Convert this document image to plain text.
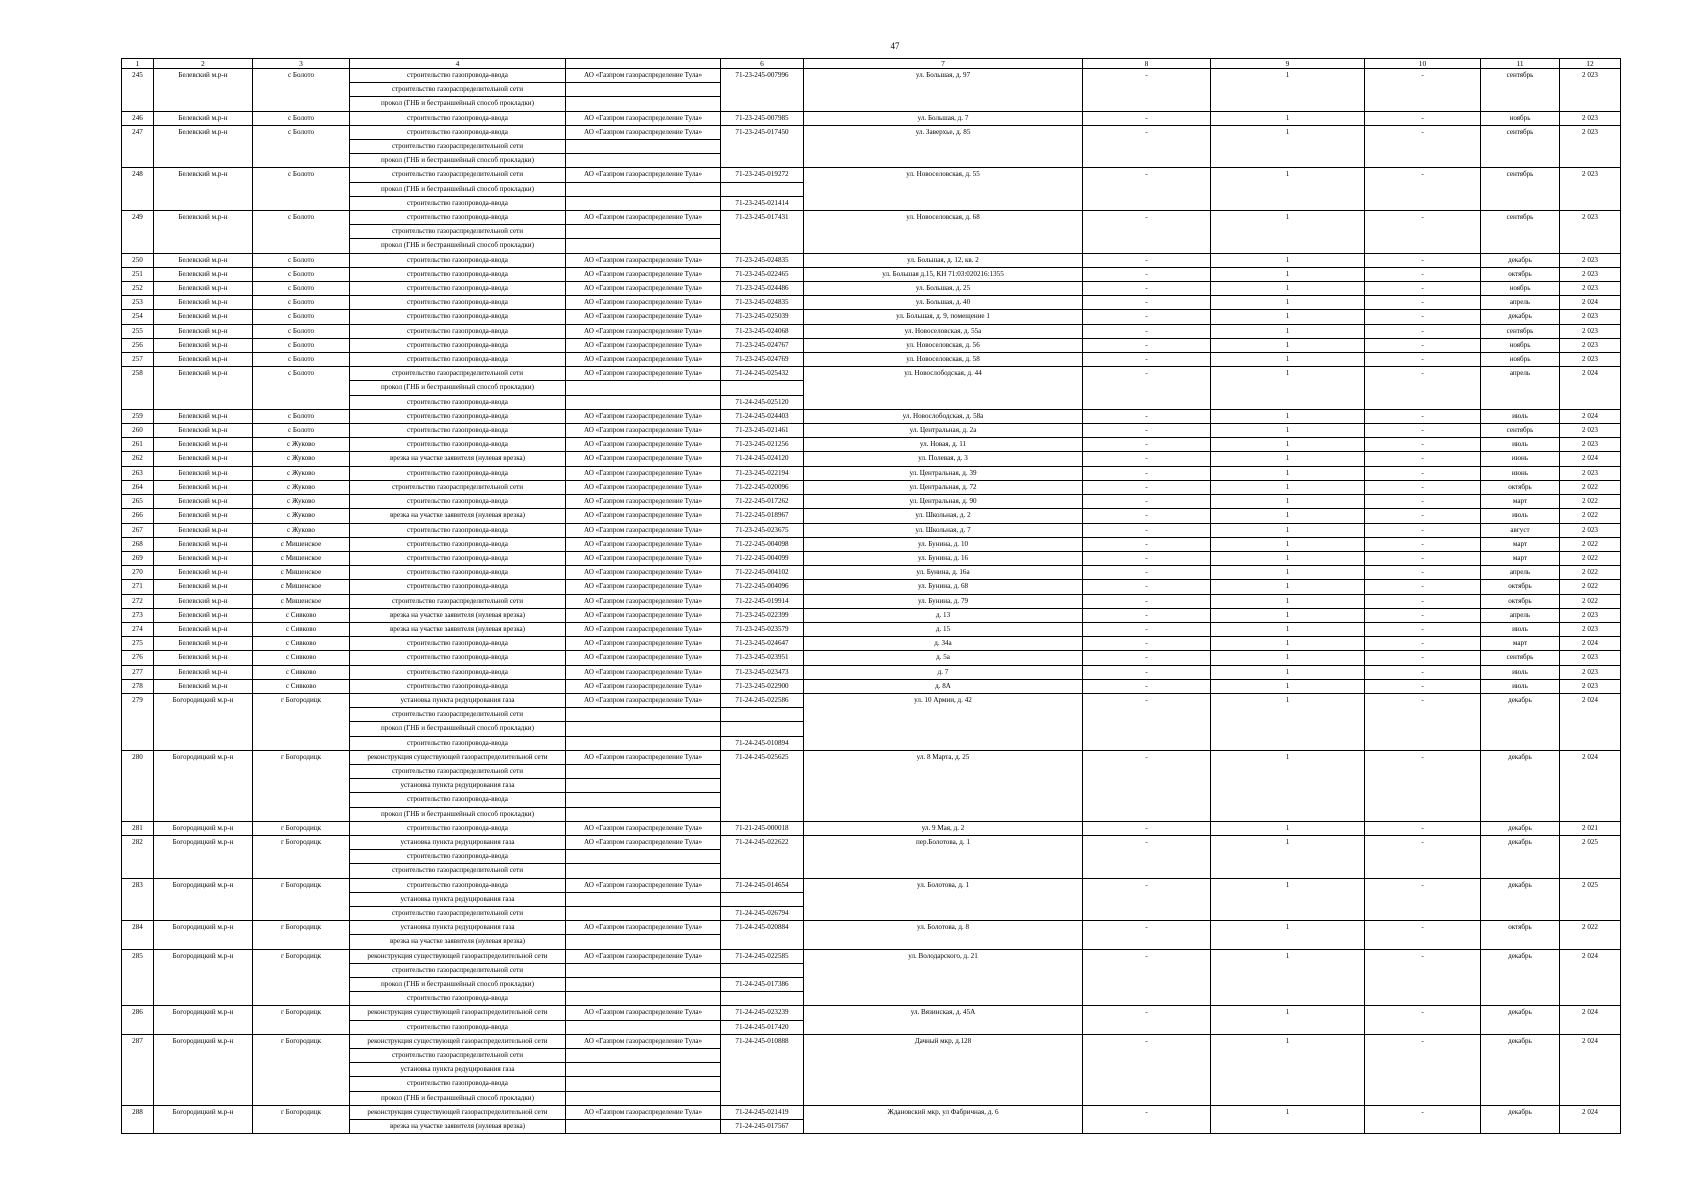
47
1	2	3	4		6	7	8	9	10	11	12
245	Белевский м.р-н	с Болото	строительство газопровода-ввода	АО «Газпром газораспределение Тула»	71-23-245-007996	ул. Большая, д. 97	-	1	-	сентябрь	2 023
			строительство газораспределительной сети								
			прокол (ГНБ и бестраншейный способ прокладки)								
246	Белевский м.р-н	с Болото	строительство газопровода-ввода	АО «Газпром газораспределение Тула»	71-23-245-007985	ул. Большая, д. 7	-	1	-	ноябрь	2 023
247	Белевский м.р-н	с Болото	строительство газопровода-ввода	АО «Газпром газораспределение Тула»	71-23-245-017450	ул. Заверхье, д. 85	-	1	-	сентябрь	2 023
			строительство газораспределительной сети								
			прокол (ГНБ и бестраншейный способ прокладки)								
248	Белевский м.р-н	с Болото	строительство газораспределительной сети	АО «Газпром газораспределение Тула»	71-23-245-019272	ул. Новоселовская, д. 55	-	1	-	сентябрь	2 023
			прокол (ГНБ и бестраншейный способ прокладки)								
			строительство газопровода-ввода		71-23-245-021414						
249	Белевский м.р-н	с Болото	строительство газопровода-ввода	АО «Газпром газораспределение Тула»	71-23-245-017431	ул. Новоселовская, д. 68	-	1	-	сентябрь	2 023
			строительство газораспределительной сети								
			прокол (ГНБ и бестраншейный способ прокладки)								
250	Белевский м.р-н	с Болото	строительство газопровода-ввода	АО «Газпром газораспределение Тула»	71-23-245-024835	ул. Большая, д. 12, кв. 2	-	1	-	декабрь	2 023
251	Белевский м.р-н	с Болото	строительство газопровода-ввода	АО «Газпром газораспределение Тула»	71-23-245-022465	ул. Большая д.15, КН 71:03:020216:1355	-	1	-	октябрь	2 023
252	Белевский м.р-н	с Болото	строительство газопровода-ввода	АО «Газпром газораспределение Тула»	71-23-245-024486	ул. Большая, д. 25	-	1	-	ноябрь	2 023
253	Белевский м.р-н	с Болото	строительство газопровода-ввода	АО «Газпром газораспределение Тула»	71-23-245-024835	ул. Большая, д. 40	-	1	-	апрель	2 024
254	Белевский м.р-н	с Болото	строительство газопровода-ввода	АО «Газпром газораспределение Тула»	71-23-245-025039	ул. Большая, д. 9, помещение 1	-	1	-	декабрь	2 023
255	Белевский м.р-н	с Болото	строительство газопровода-ввода	АО «Газпром газораспределение Тула»	71-23-245-024068	ул. Новоселовская, д. 55а	-	1	-	сентябрь	2 023
256	Белевский м.р-н	с Болото	строительство газопровода-ввода	АО «Газпром газораспределение Тула»	71-23-245-024767	ул. Новоселовская, д. 56	-	1	-	ноябрь	2 023
257	Белевский м.р-н	с Болото	строительство газопровода-ввода	АО «Газпром газораспределение Тула»	71-23-245-024769	ул. Новоселовская, д. 58	-	1	-	ноябрь	2 023
258	Белевский м.р-н	с Болото	строительство газораспределительной сети	АО «Газпром газораспределение Тула»	71-24-245-025432	ул. Новослободская, д. 44	-	1	-	апрель	2 024
			прокол (ГНБ и бестраншейный способ прокладки)								
			строительство газопровода-ввода		71-24-245-025120						
259	Белевский м.р-н	с Болото	строительство газопровода-ввода	АО «Газпром газораспределение Тула»	71-24-245-024403	ул. Новослободская, д. 58а	-	1	-	июль	2 024
260	Белевский м.р-н	с Болото	строительство газопровода-ввода	АО «Газпром газораспределение Тула»	71-23-245-021461	ул. Центральная, д. 2а	-	1	-	сентябрь	2 023
261	Белевский м.р-н	с Жуково	строительство газопровода-ввода	АО «Газпром газораспределение Тула»	71-23-245-021256	ул. Новая, д. 11	-	1	-	июль	2 023
262	Белевский м.р-н	с Жуково	врезка на участке заявителя (нулевая врезка)	АО «Газпром газораспределение Тула»	71-24-245-024120	ул. Полевая, д. 3	-	1	-	июнь	2 024
263	Белевский м.р-н	с Жуково	строительство газопровода-ввода	АО «Газпром газораспределение Тула»	71-23-245-022194	ул. Центральная, д. 39	-	1	-	июнь	2 023
264	Белевский м.р-н	с Жуково	строительство газораспределительной сети	АО «Газпром газораспределение Тула»	71-22-245-020096	ул. Центральная, д. 72	-	1	-	октябрь	2 022
265	Белевский м.р-н	с Жуково	строительство газопровода-ввода	АО «Газпром газораспределение Тула»	71-22-245-017262	ул. Центральная, д. 90	-	1	-	март	2 022
266	Белевский м.р-н	с Жуково	врезка на участке заявителя (нулевая врезка)	АО «Газпром газораспределение Тула»	71-22-245-018967	ул. Школьная, д. 2	-	1	-	июль	2 022
267	Белевский м.р-н	с Жуково	строительство газопровода-ввода	АО «Газпром газораспределение Тула»	71-23-245-023675	ул. Школьная, д. 7	-	1	-	август	2 023
268	Белевский м.р-н	с Мишенское	строительство газопровода-ввода	АО «Газпром газораспределение Тула»	71-22-245-004098	ул. Бунина, д. 10	-	1	-	март	2 022
269	Белевский м.р-н	с Мишенское	строительство газопровода-ввода	АО «Газпром газораспределение Тула»	71-22-245-004099	ул. Бунина, д. 16	-	1	-	март	2 022
270	Белевский м.р-н	с Мишенское	строительство газопровода-ввода	АО «Газпром газораспределение Тула»	71-22-245-004102	ул. Бунина, д. 16а	-	1	-	апрель	2 022
271	Белевский м.р-н	с Мишенское	строительство газопровода-ввода	АО «Газпром газораспределение Тула»	71-22-245-004096	ул. Бунина, д. 68	-	1	-	октябрь	2 022
272	Белевский м.р-н	с Мишенское	строительство газораспределительной сети	АО «Газпром газораспределение Тула»	71-22-245-019914	ул. Бунина, д. 79	-	1	-	октябрь	2 022
273	Белевский м.р-н	с Сивково	врезка на участке заявителя (нулевая врезка)	АО «Газпром газораспределение Тула»	71-23-245-022399	д. 13	-	1	-	апрель	2 023
274	Белевский м.р-н	с Сивково	врезка на участке заявителя (нулевая врезка)	АО «Газпром газораспределение Тула»	71-23-245-023579	д. 15	-	1	-	июль	2 023
275	Белевский м.р-н	с Сивково	строительство газопровода-ввода	АО «Газпром газораспределение Тула»	71-23-245-024647	д. 34а	-	1	-	март	2 024
276	Белевский м.р-н	с Сивково	строительство газопровода-ввода	АО «Газпром газораспределение Тула»	71-23-245-023951	д. 5а	-	1	-	сентябрь	2 023
277	Белевский м.р-н	с Сивково	строительство газопровода-ввода	АО «Газпром газораспределение Тула»	71-23-245-023473	д. 7	-	1	-	июль	2 023
278	Белевский м.р-н	с Сивково	строительство газопровода-ввода	АО «Газпром газораспределение Тула»	71-23-245-022900	д. 8А	-	1	-	июль	2 023
279	Богородицкий м.р-н	г Богородицк	установка пункта редуцирования газа	АО «Газпром газораспределение Тула»	71-24-245-022586	ул. 10 Армии, д. 42	-	1	-	декабрь	2 024
			строительство газораспределительной сети								
			прокол (ГНБ и бестраншейный способ прокладки)								
			строительство газопровода-ввода		71-24-245-010894						
280	Богородицкий м.р-н	г Богородицк	реконструкция существующей газораспределительной сети	АО «Газпром газораспределение Тула»	71-24-245-025625	ул. 8 Марта, д. 25	-	1	-	декабрь	2 024
			строительство газораспределительной сети								
			установка пункта редуцирования газа								
			строительство газопровода-ввода								
			прокол (ГНБ и бестраншейный способ прокладки)								
281	Богородицкий м.р-н	г Богородицк	строительство газопровода-ввода	АО «Газпром газораспределение Тула»	71-21-245-000018	ул. 9 Мая, д. 2	-	1	-	декабрь	2 021
282	Богородицкий м.р-н	г Богородицк	установка пункта редуцирования газа	АО «Газпром газораспределение Тула»	71-24-245-022622	пер.Болотова, д. 1	-	1	-	декабрь	2 025
			строительство газопровода-ввода								
			строительство газораспределительной сети								
283	Богородицкий м.р-н	г Богородицк	строительство газопровода-ввода	АО «Газпром газораспределение Тула»	71-24-245-014654	ул. Болотова, д. 1	-	1	-	декабрь	2 025
			установка пункта редуцирования газа								
			строительство газораспределительной сети		71-24-245-026794						
284	Богородицкий м.р-н	г Богородицк	установка пункта редуцирования газа	АО «Газпром газораспределение Тула»	71-24-245-020884	ул. Болотова, д. 8	-	1	-	октябрь	2 022
			врезка на участке заявителя (нулевая врезка)								
285	Богородицкий м.р-н	г Богородицк	реконструкция существующей газораспределительной сети	АО «Газпром газораспределение Тула»	71-24-245-022585	ул. Володарского, д. 21	-	1	-	декабрь	2 024
			строительство газораспределительной сети								
			прокол (ГНБ и бестраншейный способ прокладки)		71-24-245-017386						
			строительство газопровода-ввода								
286	Богородицкий м.р-н	г Богородицк	реконструкция существующей газораспределительной сети	АО «Газпром газораспределение Тула»	71-24-245-023239	ул. Вязинская, д. 45А	-	1	-	декабрь	2 024
			строительство газопровода-ввода		71-24-245-017420						
287	Богородицкий м.р-н	г Богородицк	реконструкция существующей газораспределительной сети	АО «Газпром газораспределение Тула»	71-24-245-010888	Дачный мкр, д.128	-	1	-	декабрь	2 024
			строительство газораспределительной сети								
			установка пункта редуцирования газа								
			строительство газопровода-ввода								
			прокол (ГНБ и бестраншейный способ прокладки)								
288	Богородицкий м.р-н	г Богородицк	реконструкция существующей газораспределительной сети	АО «Газпром газораспределение Тула»	71-24-245-021419	Ждановский мкр, ул Фабричная, д. 6	-	1	-	декабрь	2 024
			врезка на участке заявителя (нулевая врезка)		71-24-245-017567						
